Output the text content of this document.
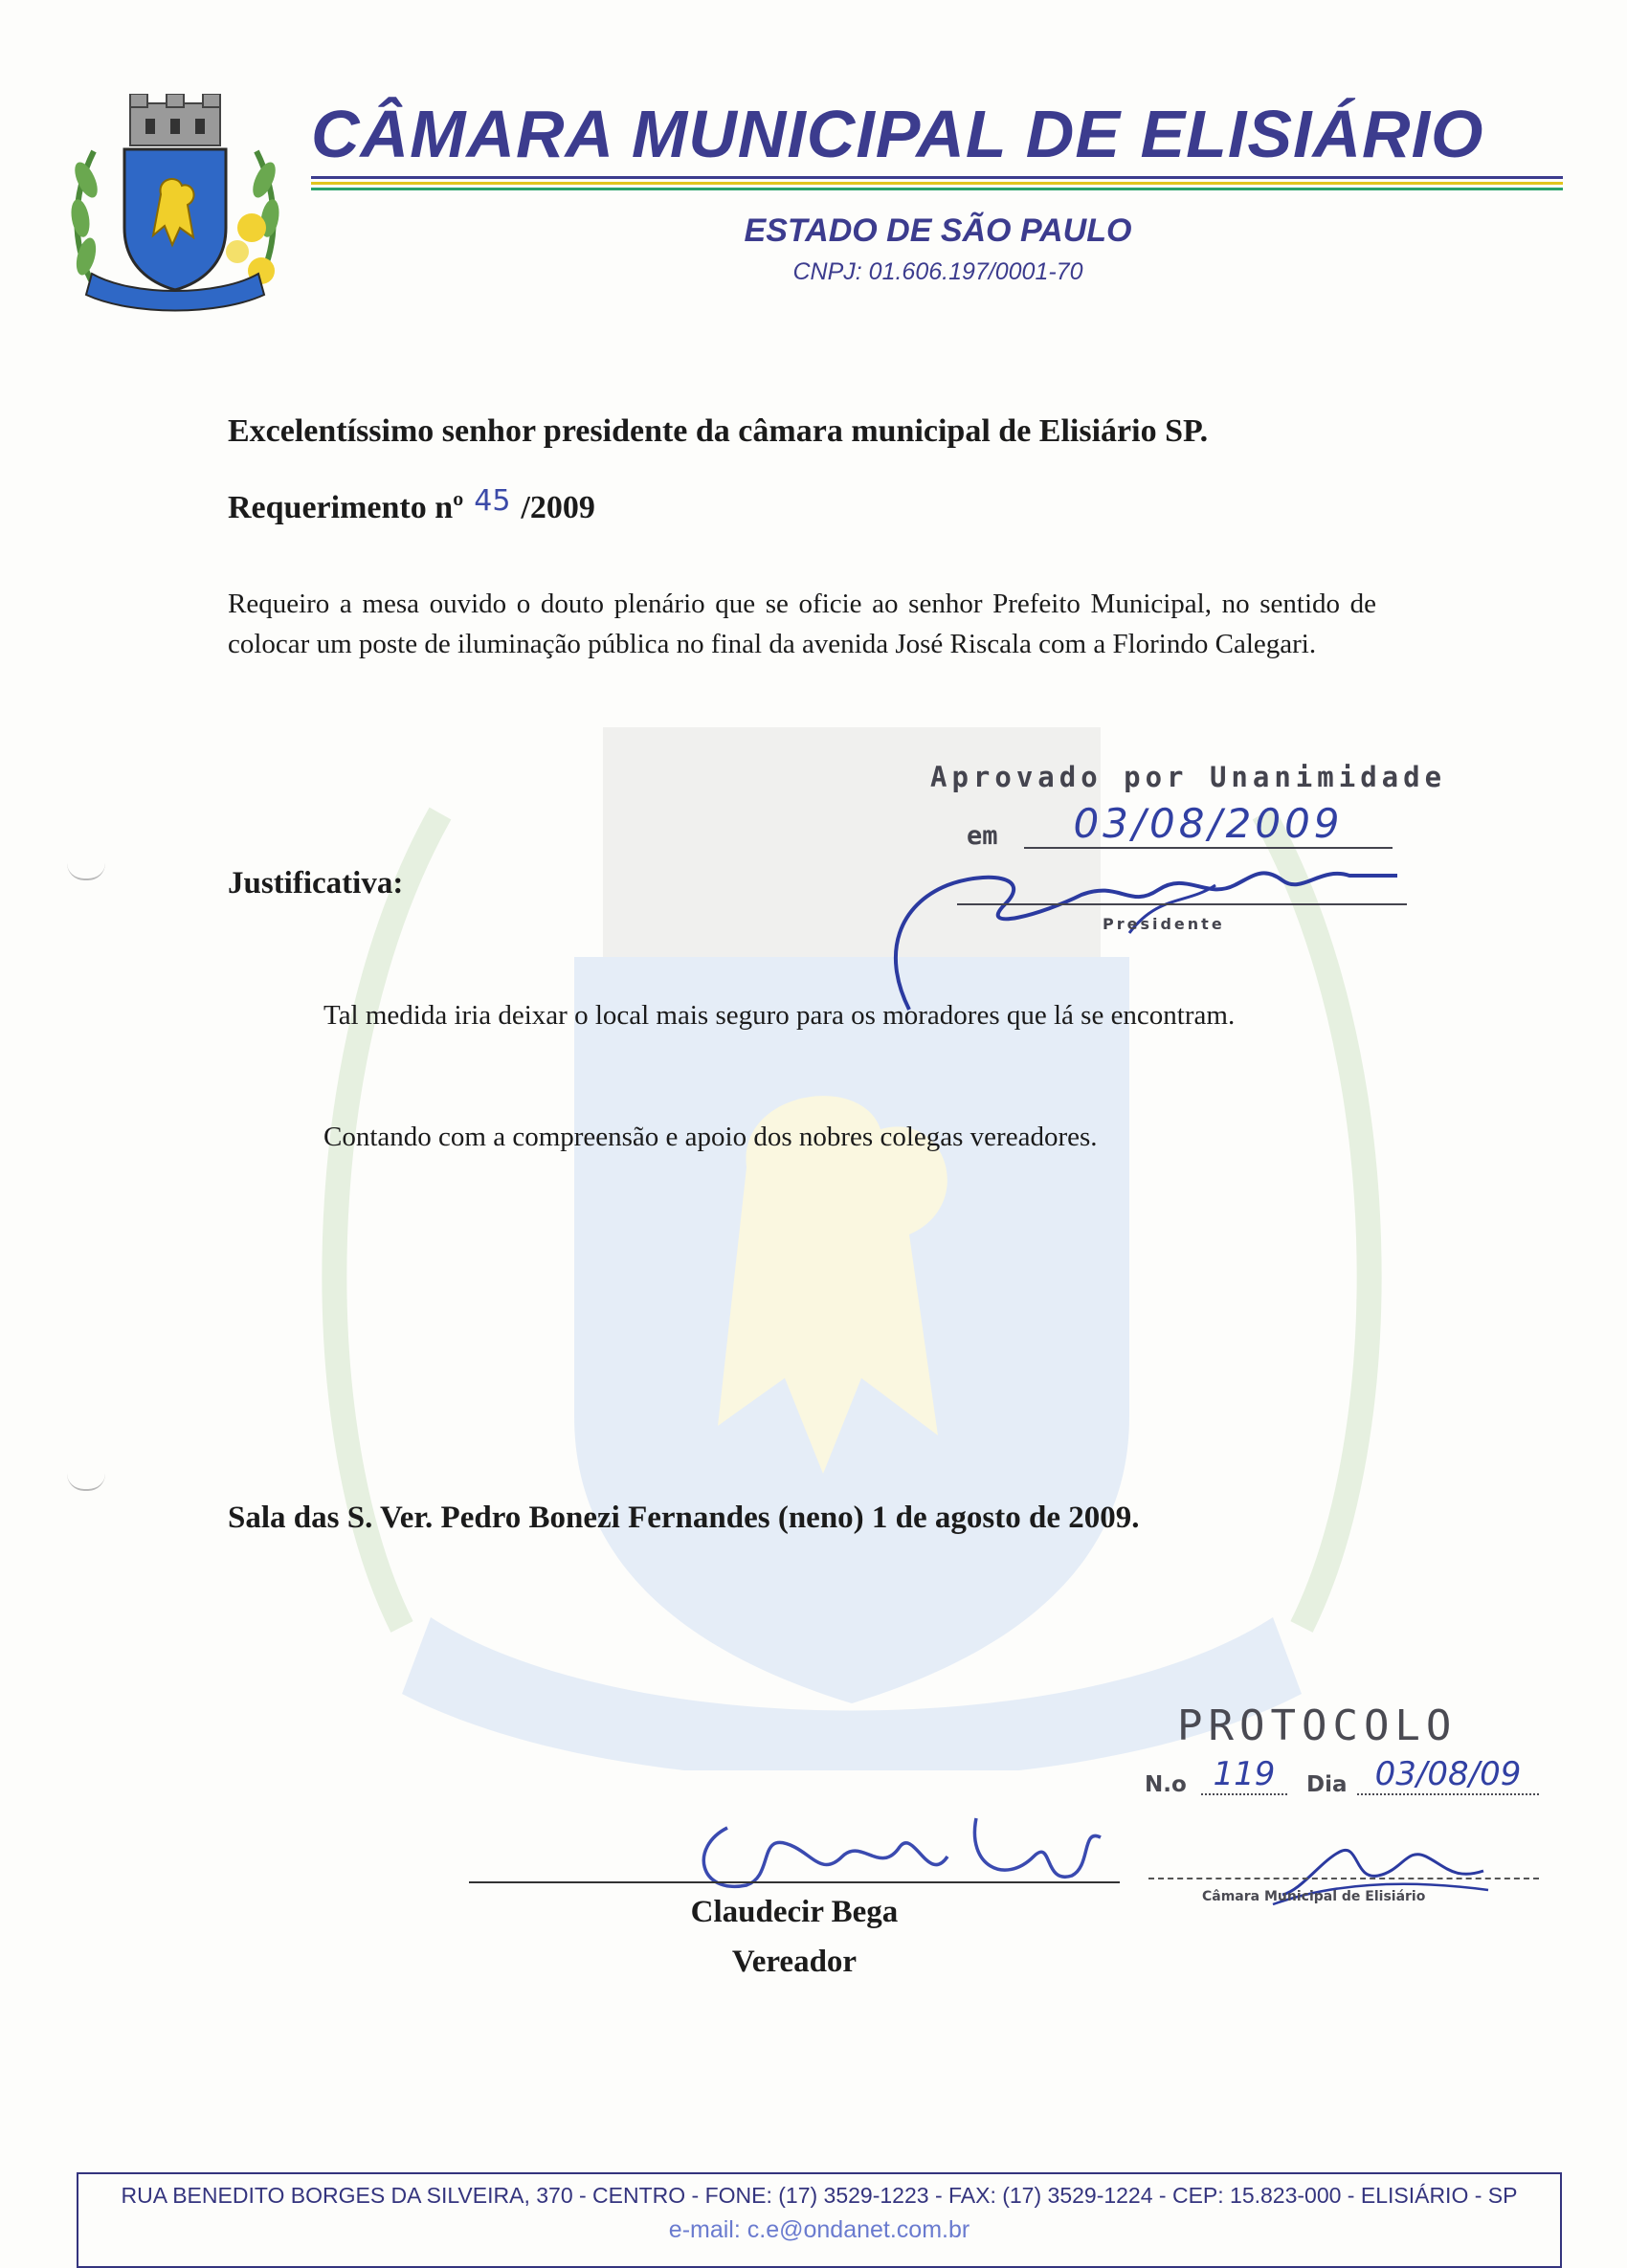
CÂMARA MUNICIPAL DE ELISIÁRIO
ESTADO DE SÃO PAULO
CNPJ: 01.606.197/0001-70
Excelentíssimo senhor presidente da câmara municipal de Elisiário SP.
Requerimento nº 45 /2009

Requeiro a mesa ouvido o douto plenário que se oficie ao senhor Prefeito Municipal, no sentido de colocar um poste de iluminação pública no final da avenida José Riscala com a Florindo Calegari.

Justificativa:

Tal medida iria deixar o local mais seguro para os moradores que lá se encontram.

Contando com a compreensão e apoio dos nobres colegas vereadores.

Sala das S. Ver. Pedro Bonezi Fernandes (neno) 1 de agosto de 2009.
Aprovado por Unanimidade
em	03/08/2009
Presidente
Claudecir Bega
Vereador
PROTOCOLO
N.o 119	Dia 03/08/09
Câmara Municipal de Elisiário
RUA BENEDITO BORGES DA SILVEIRA, 370 - CENTRO - FONE: (17) 3529-1223 - FAX: (17) 3529-1224 - CEP: 15.823-000 - ELISIÁRIO - SP
e-mail: c.e@ondanet.com.br
